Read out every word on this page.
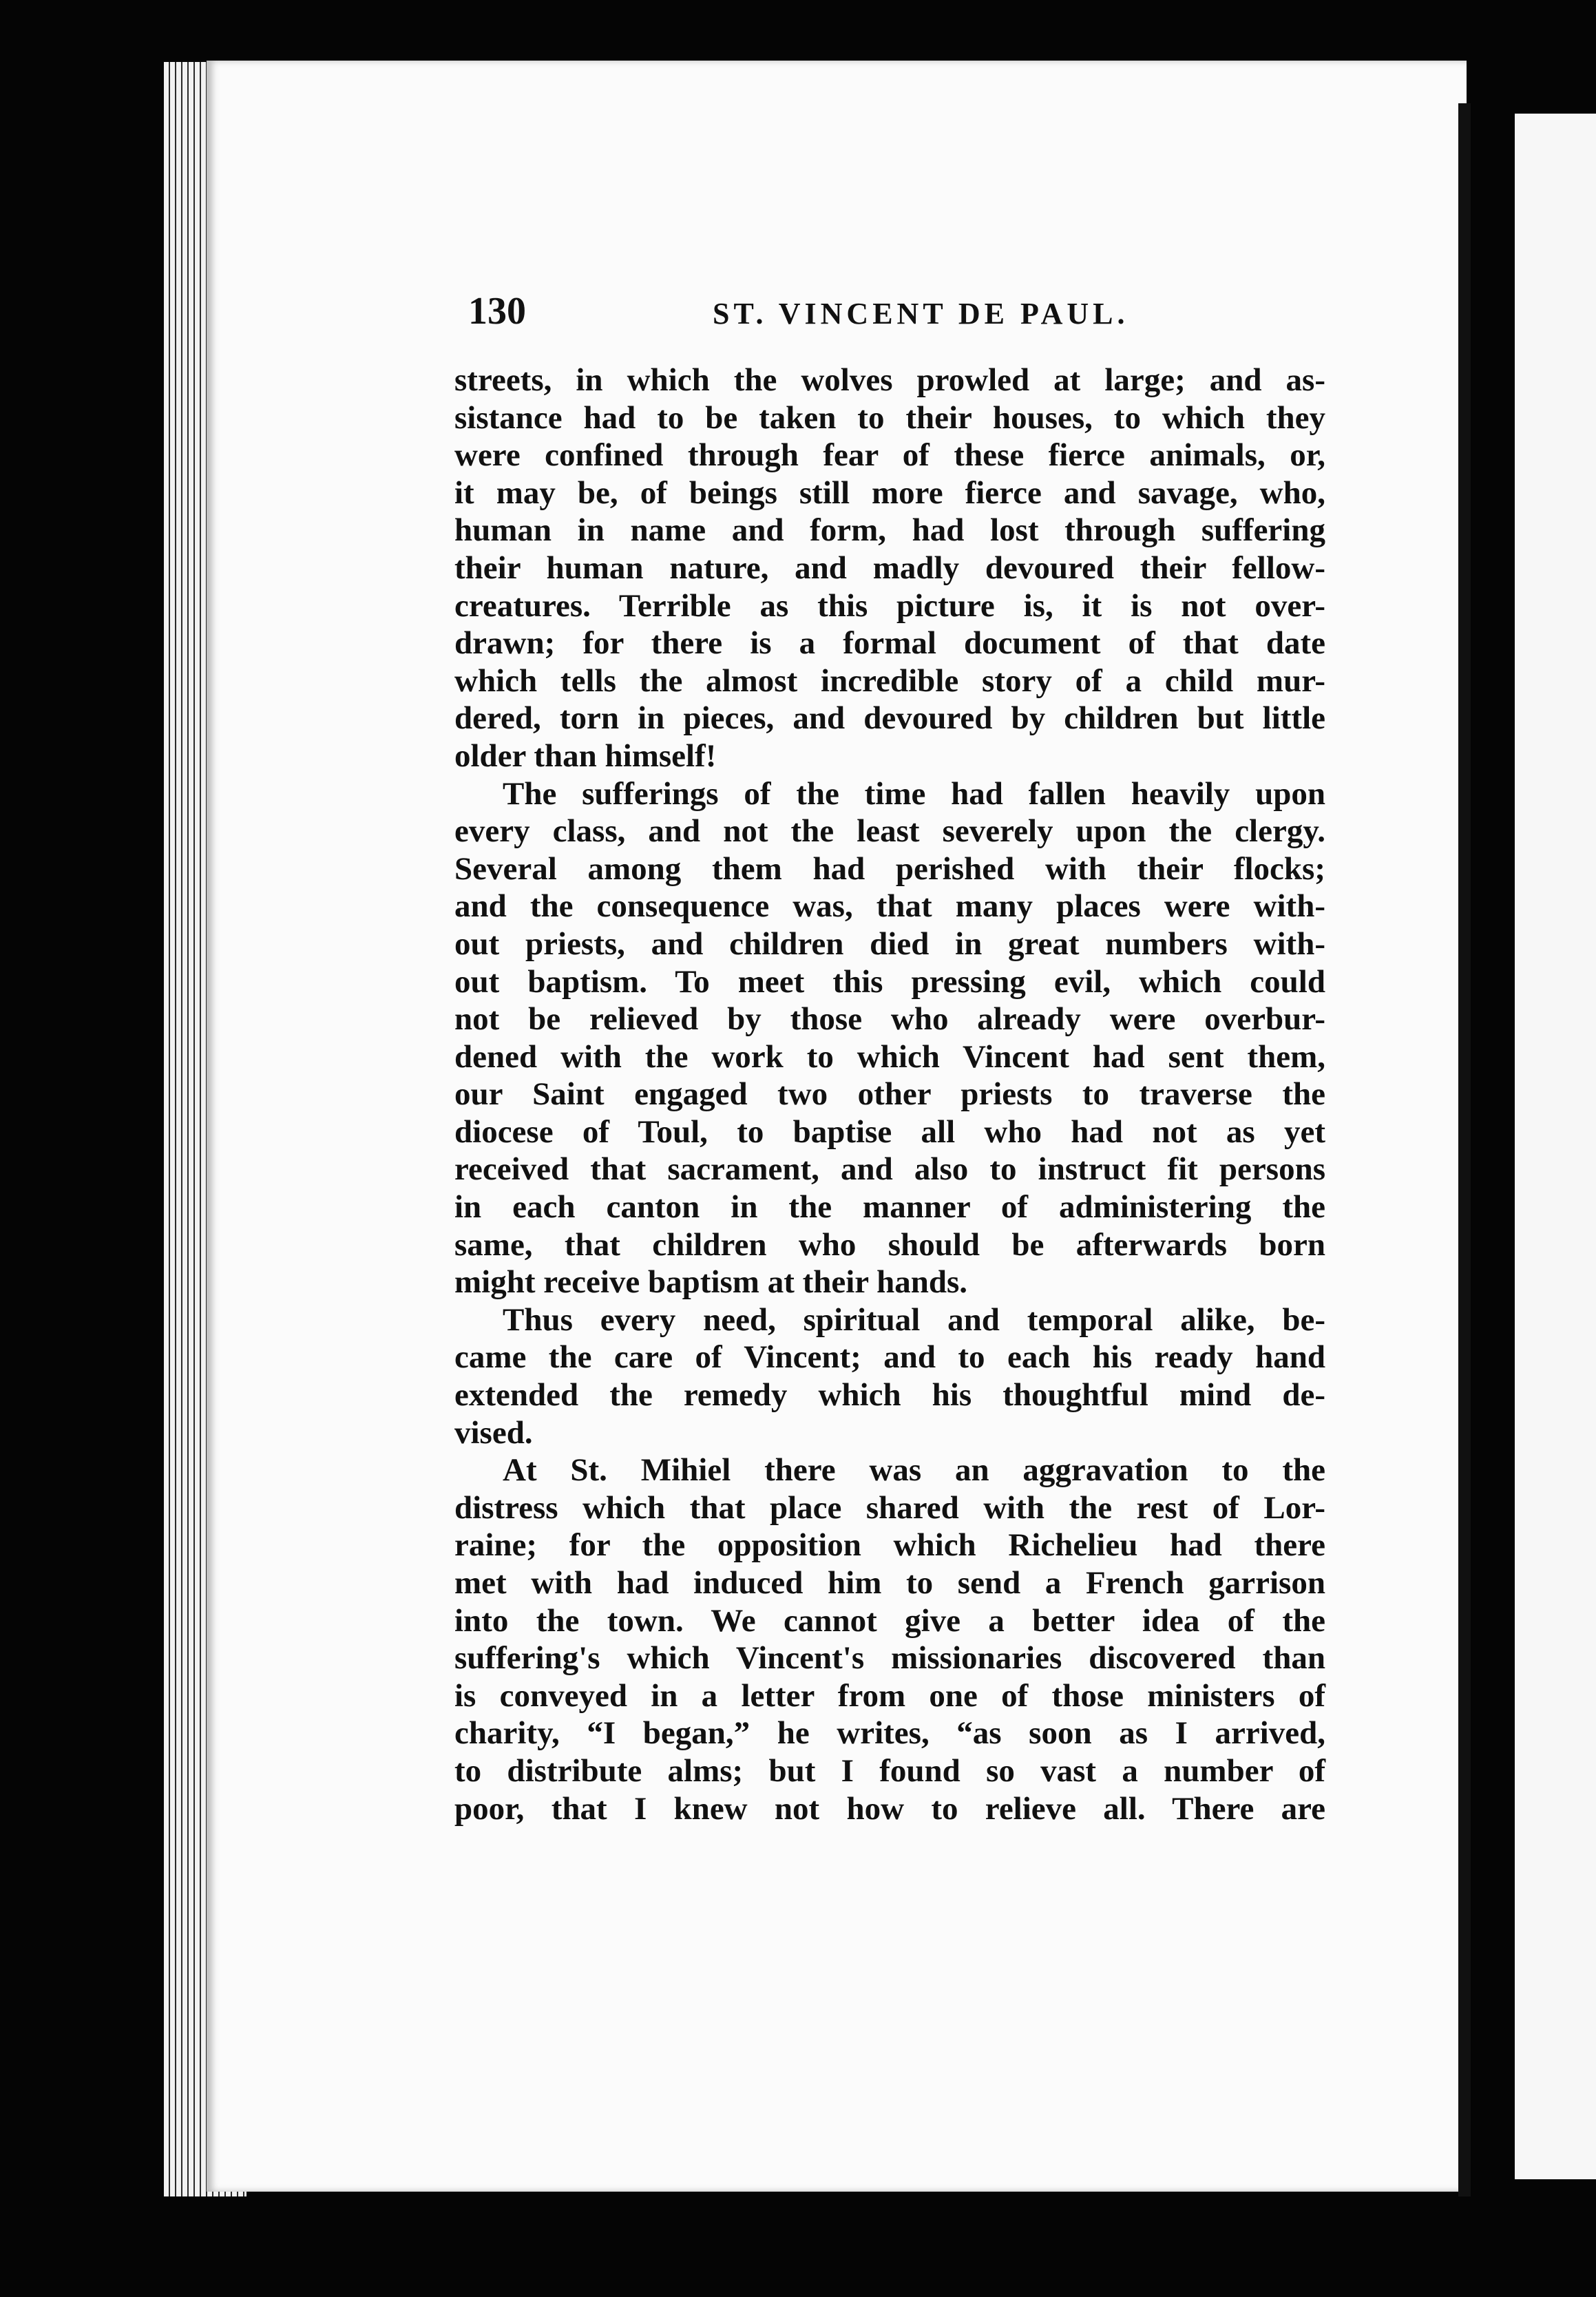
130	ST. VINCENT DE PAUL.
streets, in which the wolves prowled at large; and as-
sistance had to be taken to their houses, to which they
were confined through fear of these fierce animals, or,
it may be, of beings still more fierce and savage, who,
human in name and form, had lost through suffering
their human nature, and madly devoured their fellow-
creatures. Terrible as this picture is, it is not over-
drawn; for there is a formal document of that date
which tells the almost incredible story of a child mur-
dered, torn in pieces, and devoured by children but little
older than himself!
The sufferings of the time had fallen heavily upon
every class, and not the least severely upon the clergy.
Several among them had perished with their flocks;
and the consequence was, that many places were with-
out priests, and children died in great numbers with-
out baptism. To meet this pressing evil, which could
not be relieved by those who already were overbur-
dened with the work to which Vincent had sent them,
our Saint engaged two other priests to traverse the
diocese of Toul, to baptise all who had not as yet
received that sacrament, and also to instruct fit persons
in each canton in the manner of administering the
same, that children who should be afterwards born
might receive baptism at their hands.
Thus every need, spiritual and temporal alike, be-
came the care of Vincent; and to each his ready hand
extended the remedy which his thoughtful mind de-
vised.
At St. Mihiel there was an aggravation to the
distress which that place shared with the rest of Lor-
raine; for the opposition which Richelieu had there
met with had induced him to send a French garrison
into the town. We cannot give a better idea of the
suffering's which Vincent's missionaries discovered than
is conveyed in a letter from one of those ministers of
charity, “I began,” he writes, “as soon as I arrived,
to distribute alms; but I found so vast a number of
poor, that I knew not how to relieve all. There are
